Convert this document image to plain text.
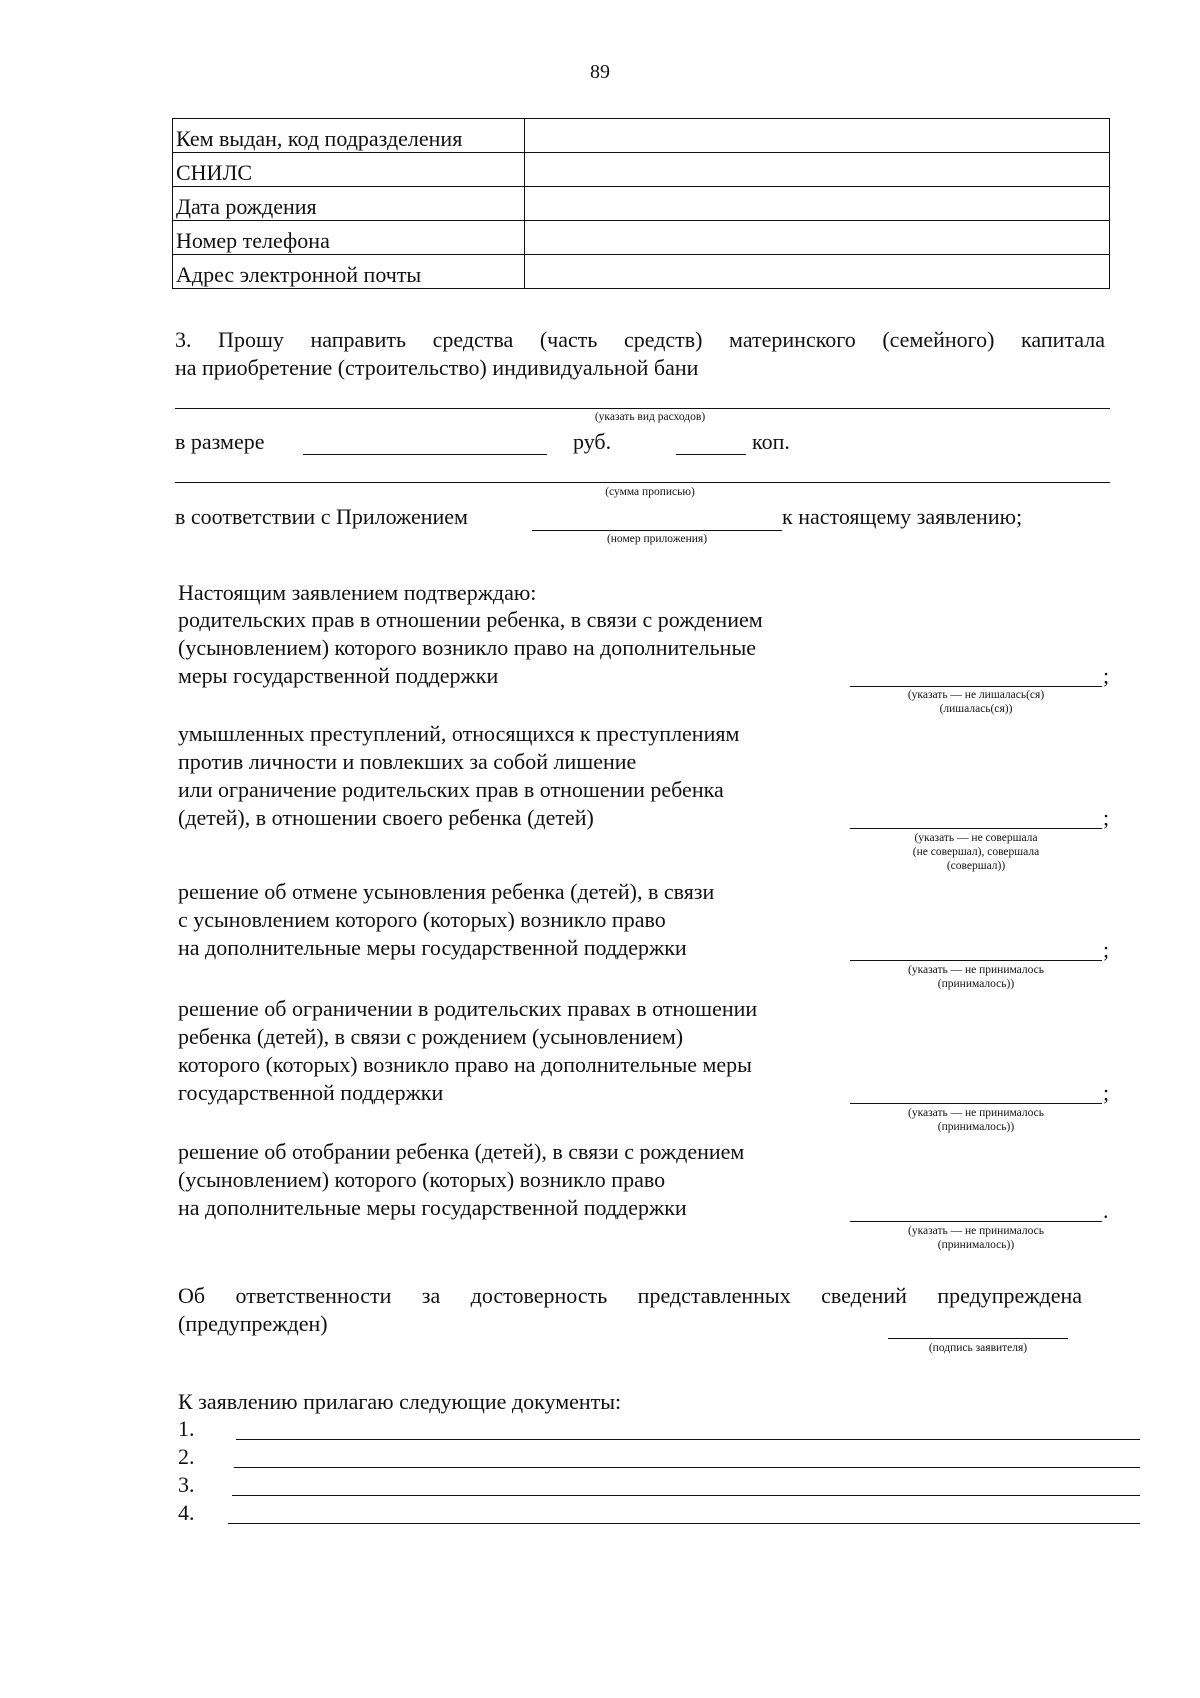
89
Кем выдан, код подразделения	
СНИЛС	
Дата рождения	
Номер телефона	
Адрес электронной почты	
3. Прошу направить средства (часть средств) материнского (семейного) капитала
на приобретение (строительство) индивидуальной бани
(указать вид расходов)
в размере	руб.	коп.
(сумма прописью)
в соответствии с Приложением	к настоящему заявлению;
(номер приложения)
Настоящим заявлением подтверждаю:
родительских прав в отношении ребенка, в связи с рождением
(усыновлением) которого возникло право на дополнительные
меры государственной поддержки	;
(указать — не лишалась(ся)
(лишалась(ся))
умышленных преступлений, относящихся к преступлениям
против личности и повлекших за собой лишение
или ограничение родительских прав в отношении ребенка
(детей), в отношении своего ребенка (детей)	;
(указать — не совершала
(не совершал), совершала
(совершал))
решение об отмене усыновления ребенка (детей), в связи
с усыновлением которого (которых) возникло право
на дополнительные меры государственной поддержки	;
(указать — не принималось
(принималось))
решение об ограничении в родительских правах в отношении
ребенка (детей), в связи с рождением (усыновлением)
которого (которых) возникло право на дополнительные меры
государственной поддержки	;
(указать — не принималось
(принималось))
решение об отобрании ребенка (детей), в связи с рождением
(усыновлением) которого (которых) возникло право
на дополнительные меры государственной поддержки	.
(указать — не принималось
(принималось))
Об ответственности за достоверность представленных сведений предупреждена
(предупрежден)
(подпись заявителя)
К заявлению прилагаю следующие документы:
1.
2.
3.
4.
